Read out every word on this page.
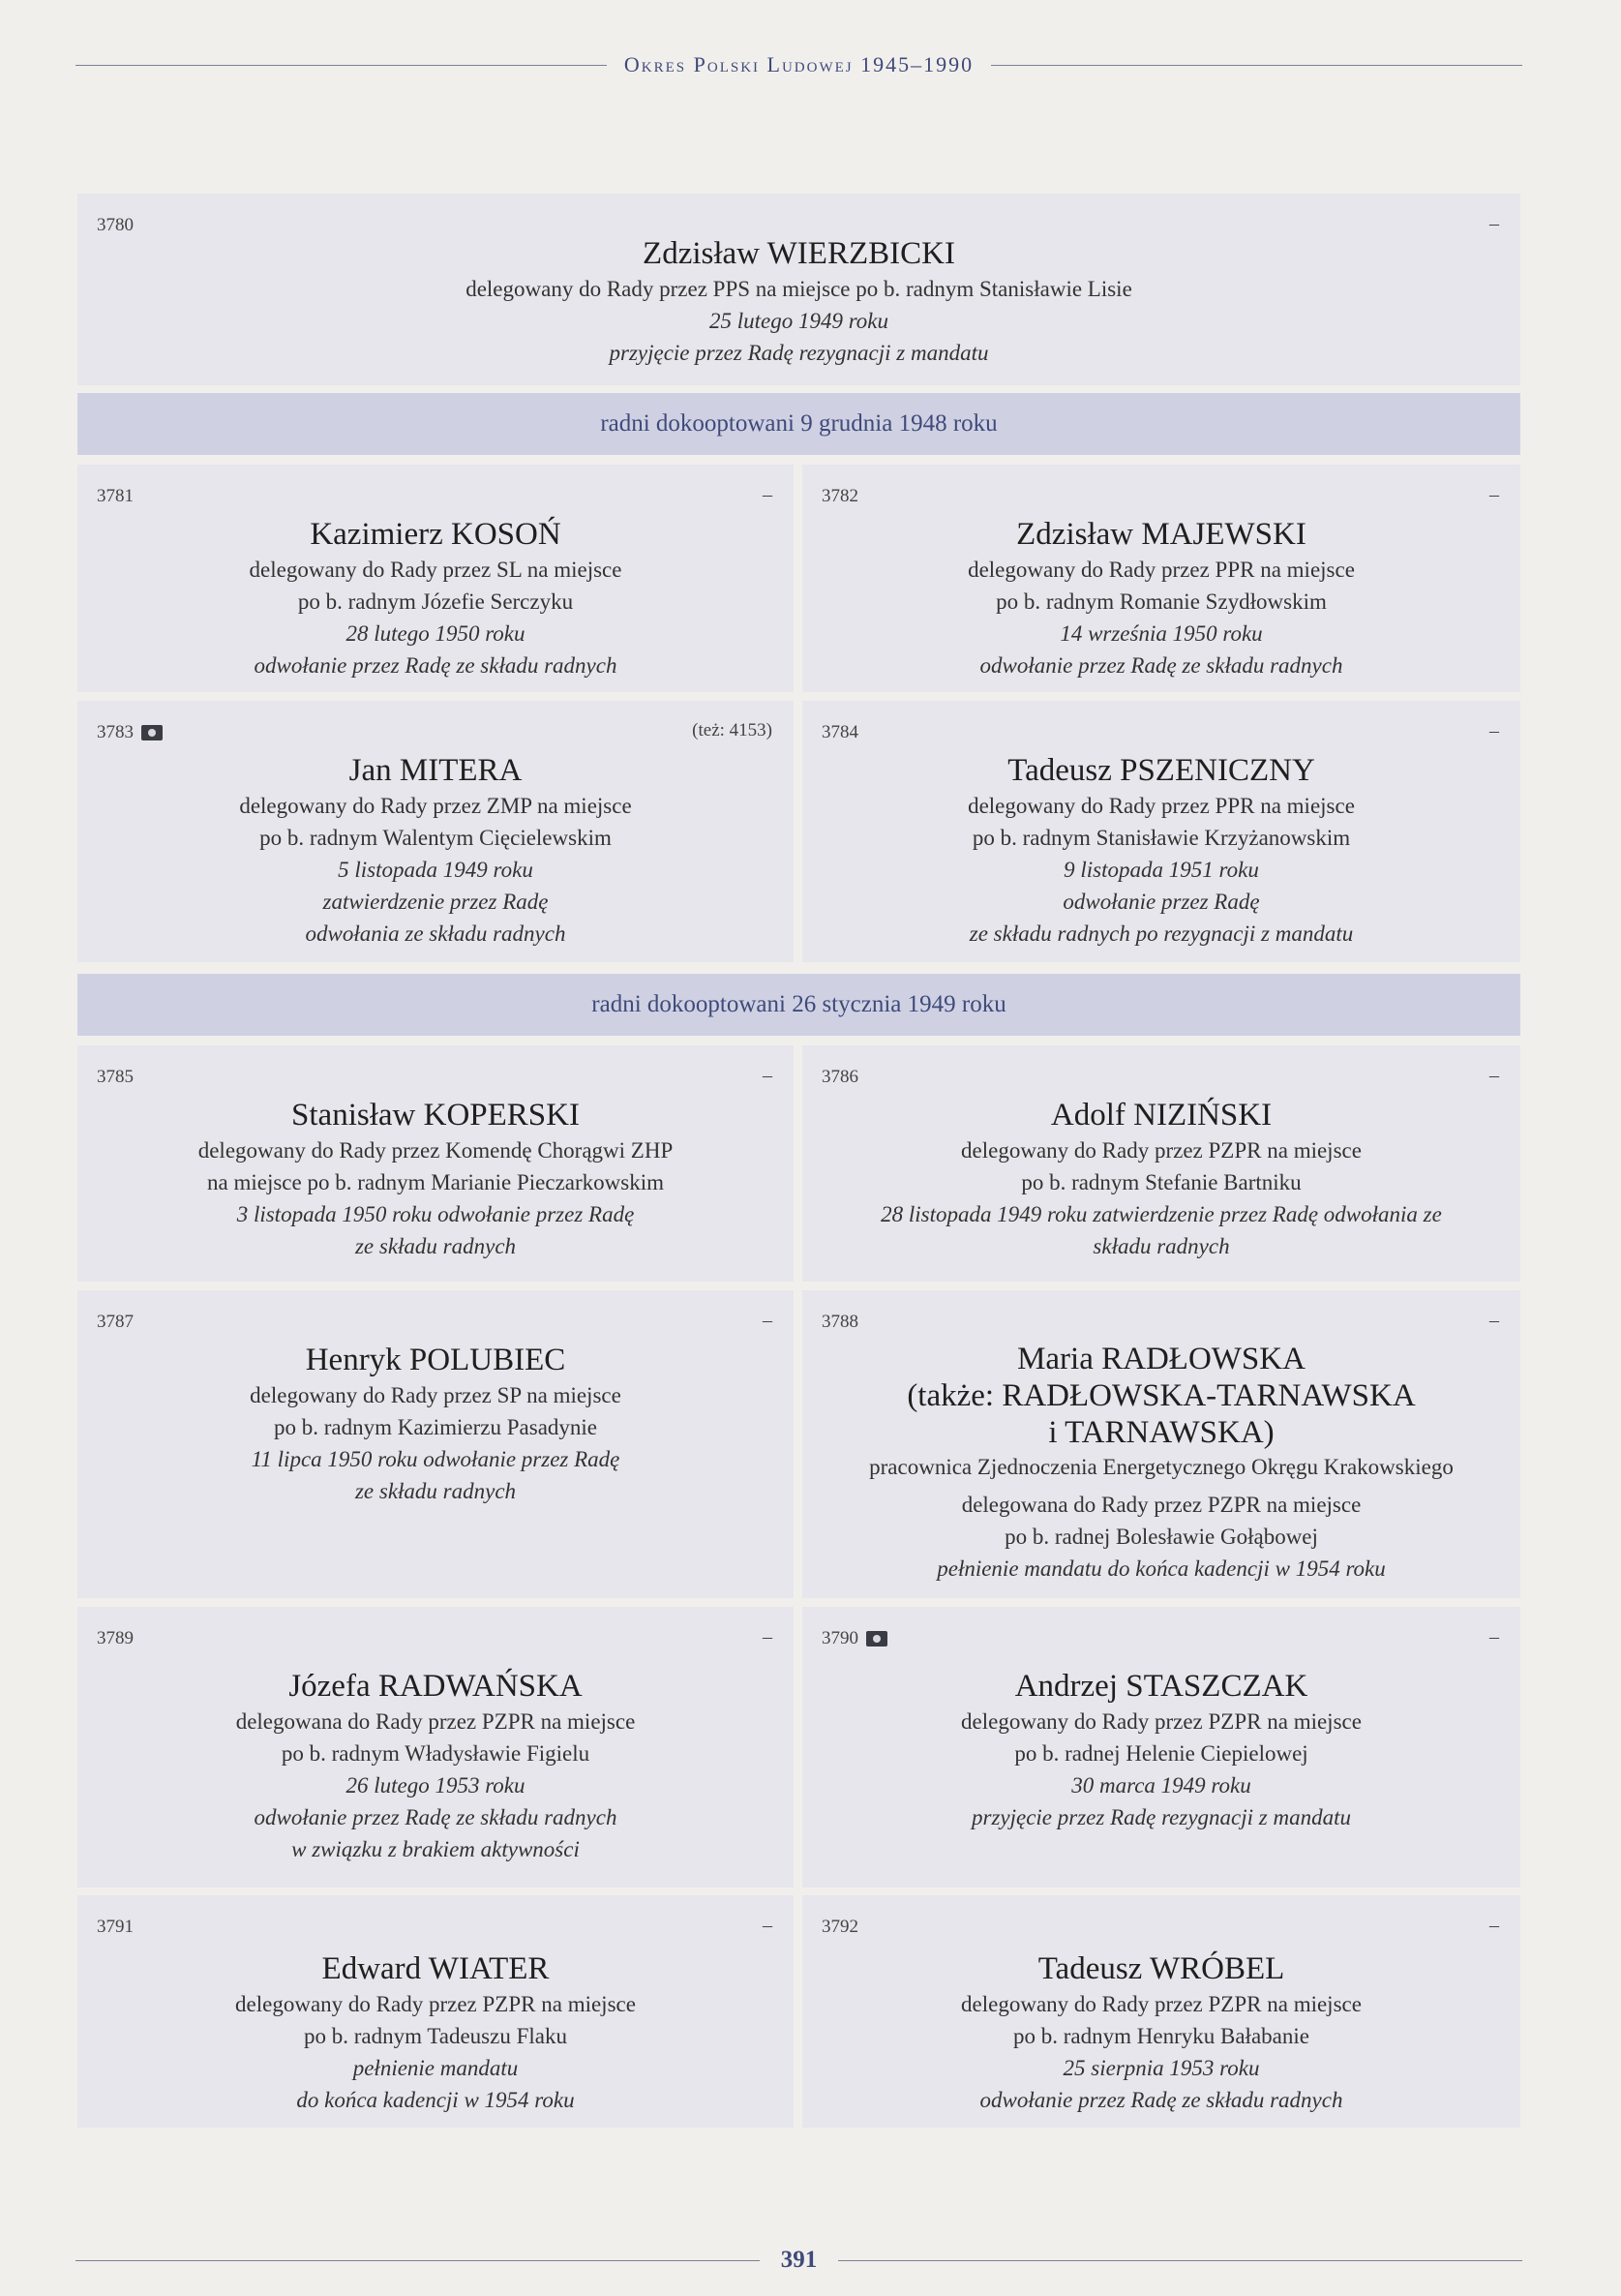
Okres Polski Ludowej 1945–1990
3780	–
Zdzisław WIERZBICKI
delegowany do Rady przez PPS na miejsce po b. radnym Stanisławie Lisie
25 lutego 1949 roku
przyjęcie przez Radę rezygnacji z mandatu
radni dokooptowani 9 grudnia 1948 roku
3781	–
Kazimierz KOSOŃ
delegowany do Rady przez SL na miejsce
po b. radnym Józefie Serczyku
28 lutego 1950 roku
odwołanie przez Radę ze składu radnych
3782	–
Zdzisław MAJEWSKI
delegowany do Rady przez PPR na miejsce
po b. radnym Romanie Szydłowskim
14 września 1950 roku
odwołanie przez Radę ze składu radnych
3783	(też: 4153)
Jan MITERA
delegowany do Rady przez ZMP na miejsce
po b. radnym Walentym Cięcielewskim
5 listopada 1949 roku
zatwierdzenie przez Radę
odwołania ze składu radnych
3784	–
Tadeusz PSZENICZNY
delegowany do Rady przez PPR na miejsce
po b. radnym Stanisławie Krzyżanowskim
9 listopada 1951 roku
odwołanie przez Radę
ze składu radnych po rezygnacji z mandatu
radni dokooptowani 26 stycznia 1949 roku
3785	–
Stanisław KOPERSKI
delegowany do Rady przez Komendę Chorągwi ZHP
na miejsce po b. radnym Marianie Pieczarkowskim
3 listopada 1950 roku odwołanie przez Radę
ze składu radnych
3786	–
Adolf NIZIŃSKI
delegowany do Rady przez PZPR na miejsce
po b. radnym Stefanie Bartniku
28 listopada 1949 roku zatwierdzenie przez Radę odwołania ze
składu radnych
3787	–
Henryk POLUBIEC
delegowany do Rady przez SP na miejsce
po b. radnym Kazimierzu Pasadynie
11 lipca 1950 roku odwołanie przez Radę
ze składu radnych
3788	–
Maria RADŁOWSKA
(także: RADŁOWSKA-TARNAWSKA
i TARNAWSKA)
pracownica Zjednoczenia Energetycznego Okręgu Krakowskiego
delegowana do Rady przez PZPR na miejsce
po b. radnej Bolesławie Gołąbowej
pełnienie mandatu do końca kadencji w 1954 roku
3789	–
Józefa RADWAŃSKA
delegowana do Rady przez PZPR na miejsce
po b. radnym Władysławie Figielu
26 lutego 1953 roku
odwołanie przez Radę ze składu radnych
w związku z brakiem aktywności
3790	–
Andrzej STASZCZAK
delegowany do Rady przez PZPR na miejsce
po b. radnej Helenie Ciepielowej
30 marca 1949 roku
przyjęcie przez Radę rezygnacji z mandatu
3791	–
Edward WIATER
delegowany do Rady przez PZPR na miejsce
po b. radnym Tadeuszu Flaku
pełnienie mandatu
do końca kadencji w 1954 roku
3792	–
Tadeusz WRÓBEL
delegowany do Rady przez PZPR na miejsce
po b. radnym Henryku Bałabanie
25 sierpnia 1953 roku
odwołanie przez Radę ze składu radnych
391
